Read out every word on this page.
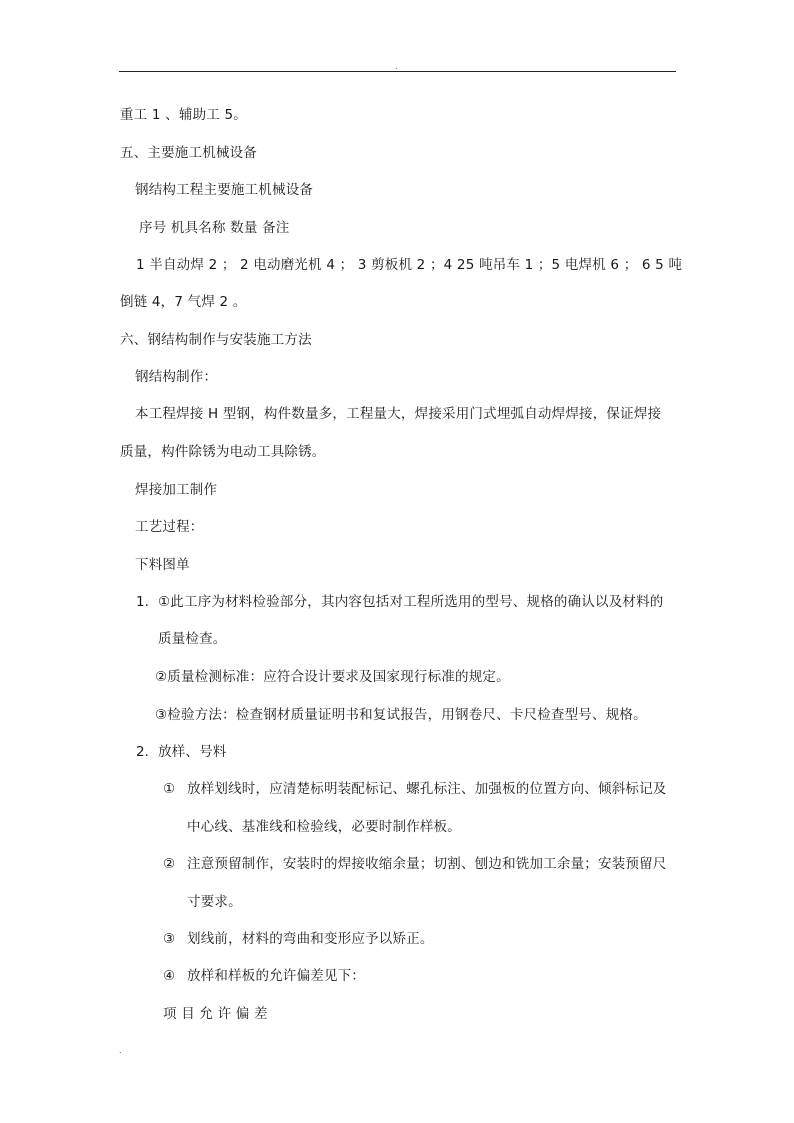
.
重工 1 、辅助工 5。
五、主要施工机械设备
钢结构工程主要施工机械设备
序号 机具名称 数量 备注
1 半自动焊 2 ； 2 电动磨光机 4 ； 3 剪板机 2 ；4 25 吨吊车 1 ；5 电焊机 6 ； 6 5 吨
倒链 4，7 气焊 2 。
六、钢结构制作与安装施工方法
钢结构制作：
本工程焊接 H 型钢，构件数量多，工程量大，焊接采用门式埋弧自动焊焊接，保证焊接
质量，构件除锈为电动工具除锈。
焊接加工制作
工艺过程：
下料图单
1. ①此工序为材料检验部分，其内容包括对工程所选用的型号、规格的确认以及材料的
质量检查。
②质量检测标准：应符合设计要求及国家现行标准的规定。
③检验方法：检查钢材质量证明书和复试报告，用钢卷尺、卡尺检查型号、规格。
2. 放样、号料
① 放样划线时，应清楚标明装配标记、螺孔标注、加强板的位置方向、倾斜标记及
中心线、基准线和检验线，必要时制作样板。
② 注意预留制作，安装时的焊接收缩余量；切割、刨边和铣加工余量；安装预留尺
寸要求。
③ 划线前，材料的弯曲和变形应予以矫正。
④ 放样和样板的允许偏差见下：
项 目 允 许 偏 差
.
